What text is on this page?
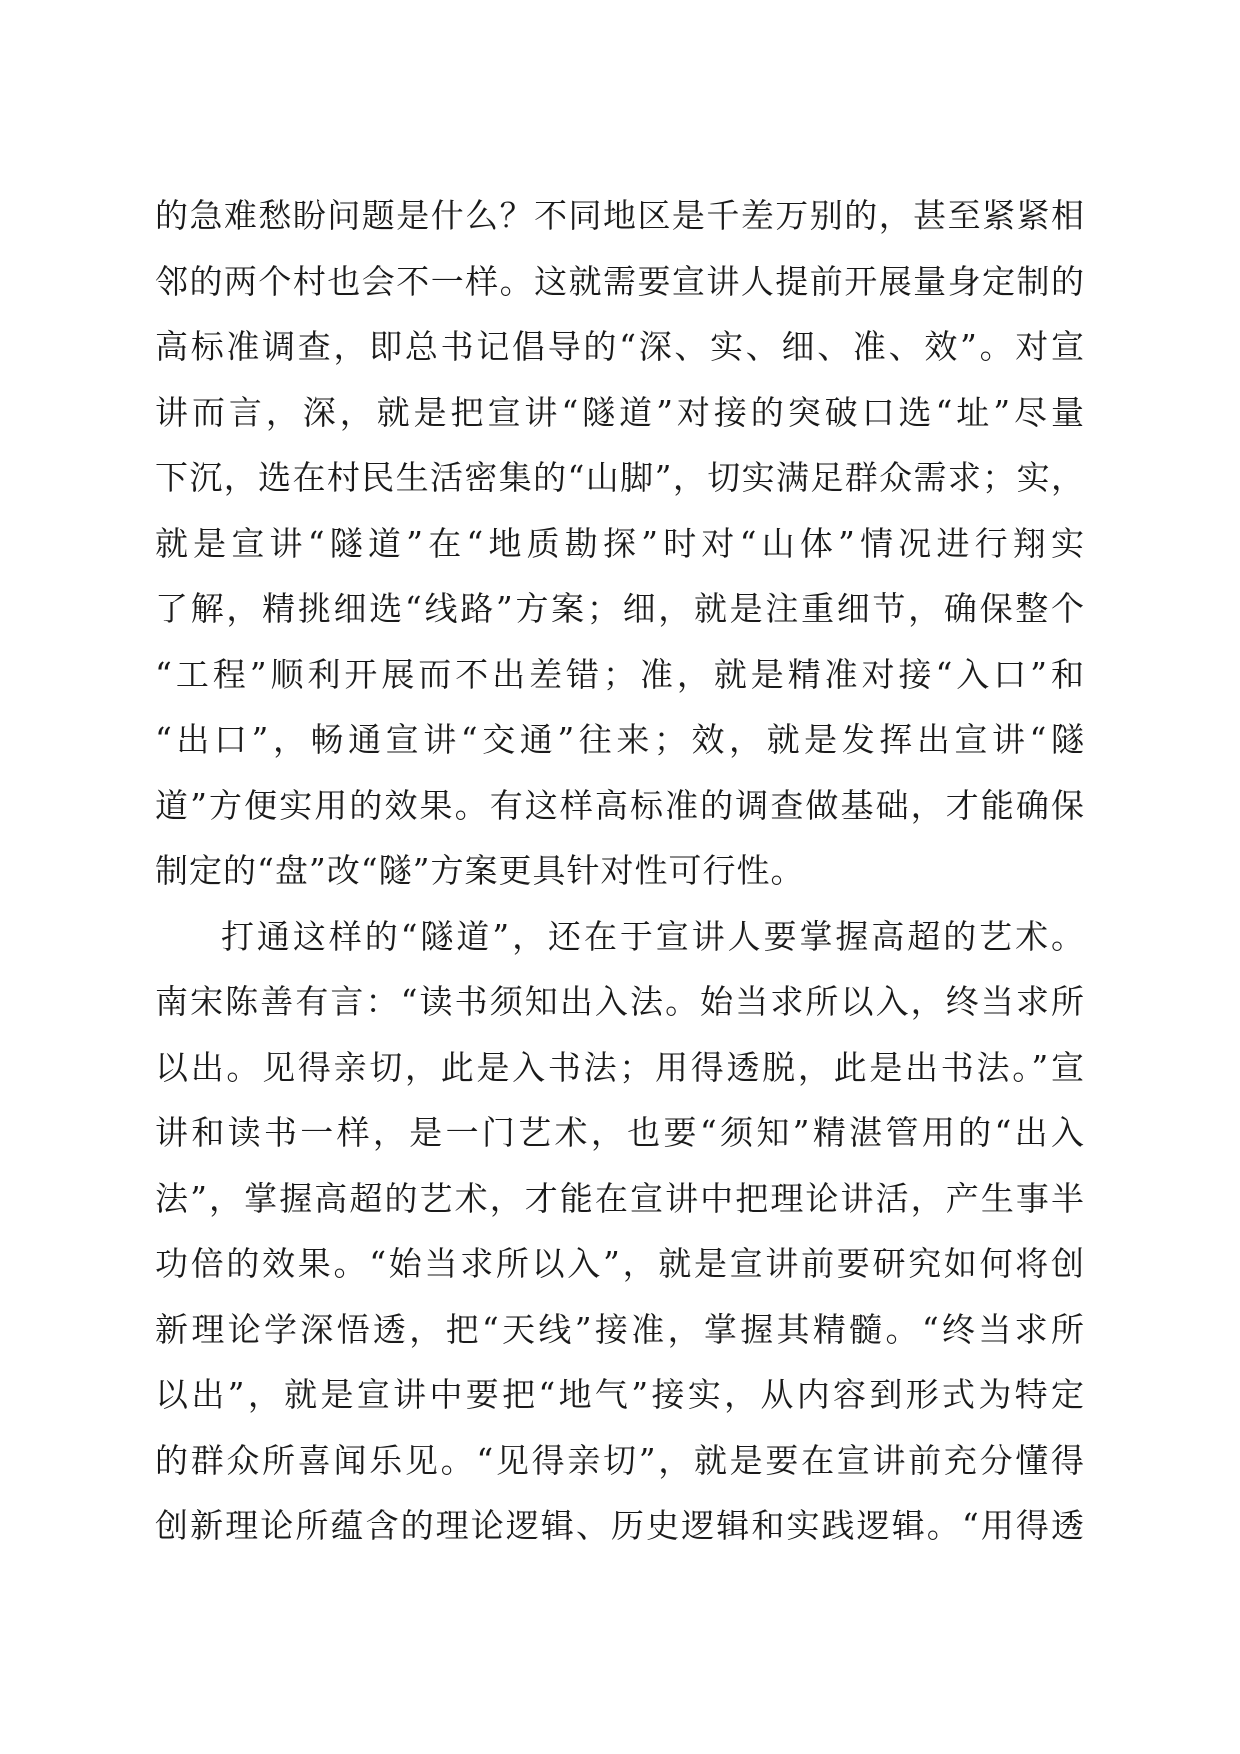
的急难愁盼问题是什么？不同地区是千差万别的，甚至紧紧相
邻的两个村也会不一样。这就需要宣讲人提前开展量身定制的
高标准调查，即总书记倡导的“深、实、细、准、效”。对宣
讲而言，深，就是把宣讲“隧道”对接的突破口选“址”尽量
下沉，选在村民生活密集的“山脚”，切实满足群众需求；实，
就是宣讲“隧道”在“地质勘探”时对“山体”情况进行翔实
了解，精挑细选“线路”方案；细，就是注重细节，确保整个
“工程”顺利开展而不出差错；准，就是精准对接“入口”和
“出口”，畅通宣讲“交通”往来；效，就是发挥出宣讲“隧
道”方便实用的效果。有这样高标准的调查做基础，才能确保
制定的“盘”改“隧”方案更具针对性可行性。
打通这样的“隧道”，还在于宣讲人要掌握高超的艺术。
南宋陈善有言：“读书须知出入法。始当求所以入，终当求所
以出。见得亲切，此是入书法；用得透脱，此是出书法。”宣
讲和读书一样，是一门艺术，也要“须知”精湛管用的“出入
法”，掌握高超的艺术，才能在宣讲中把理论讲活，产生事半
功倍的效果。“始当求所以入”，就是宣讲前要研究如何将创
新理论学深悟透，把“天线”接准，掌握其精髓。“终当求所
以出”，就是宣讲中要把“地气”接实，从内容到形式为特定
的群众所喜闻乐见。“见得亲切”，就是要在宣讲前充分懂得
创新理论所蕴含的理论逻辑、历史逻辑和实践逻辑。“用得透
